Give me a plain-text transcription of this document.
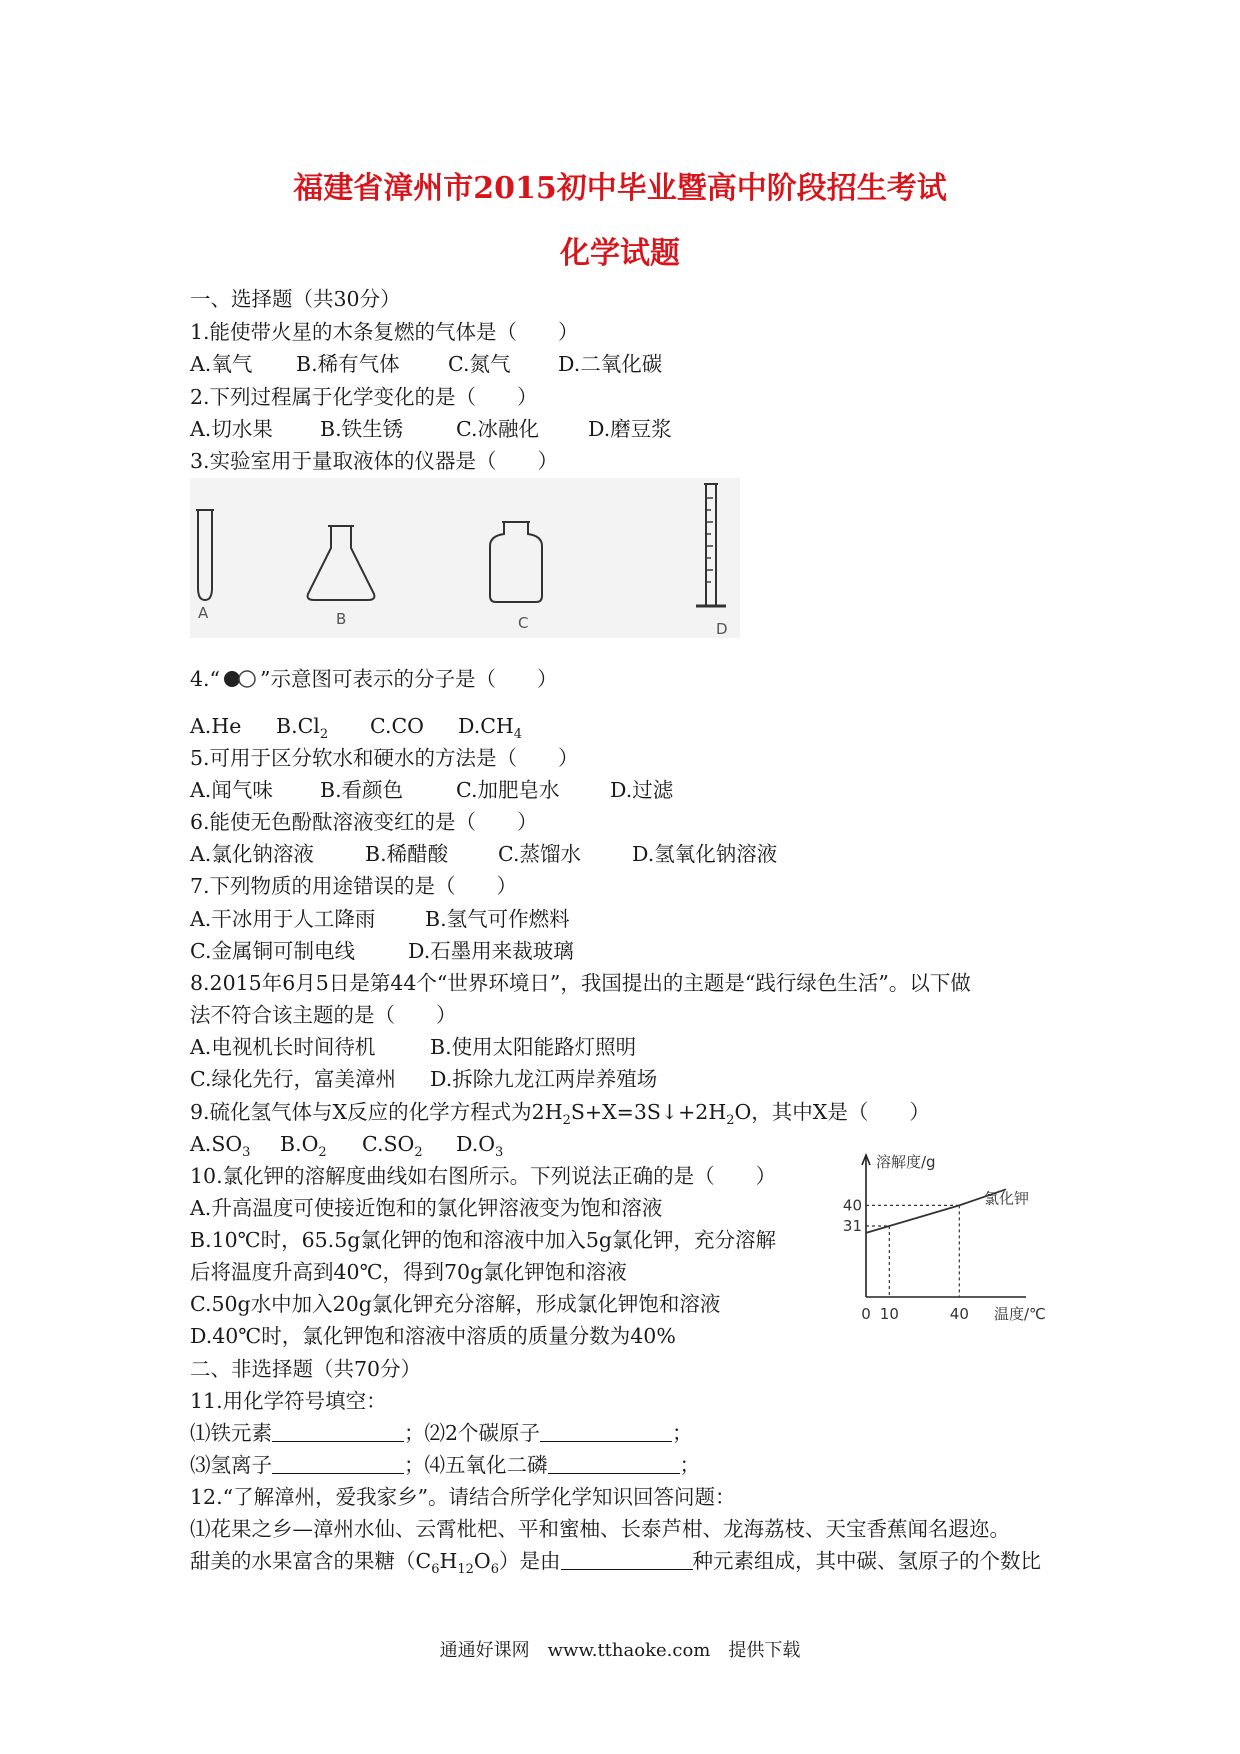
福建省漳州市2015初中毕业暨高中阶段招生考试
化学试题
一、选择题（共30分）
1.能使带火星的木条复燃的气体是（　　）
A.氧气 B.稀有气体 C.氮气 D.二氧化碳
2.下列过程属于化学变化的是（　　）
A.切水果 B.铁生锈	C.冰融化 D.磨豆浆
3.实验室用于量取液体的仪器是（　　）
A	B	C	D
4.“ ”示意图可表示的分子是（　　）
A.He $B.Cl_2$ C.CO $D.CH_4$
5.可用于区分软水和硬水的方法是（　　）
A.闻气味 B.看颜色	C.加肥皂水 D.过滤
6.能使无色酚酞溶液变红的是（　　）
A.氯化钠溶液 B.稀醋酸 C.蒸馏水 D.氢氧化钠溶液
7.下列物质的用途错误的是（　　）
A.干冰用于人工降雨 B.氢气可作燃料
C.金属铜可制电线	D.石墨用来裁玻璃
8.2015年6月5日是第44个“世界环境日”，我国提出的主题是“践行绿色生活”。以下做
法不符合该主题的是（　　）
A.电视机长时间待机	B.使用太阳能路灯照明
C.绿化先行，富美漳州 D.拆除九龙江两岸养殖场
9.硫化氢气体与X反应的化学方程式为$2H_2S+X=3S↓+2H_2O$，其中X是（　　）
$A.SO_3$ $B.O_2$ $C.SO_2$ $D.O_3$
10.氯化钾的溶解度曲线如右图所示。下列说法正确的是（　　）
A.升高温度可使接近饱和的氯化钾溶液变为饱和溶液
B.10℃时，65.5g氯化钾的饱和溶液中加入5g氯化钾，充分溶解
后将温度升高到40℃，得到70g氯化钾饱和溶液
C.50g水中加入20g氯化钾充分溶解，形成氯化钾饱和溶液
D.40℃时，氯化钾饱和溶液中溶质的质量分数为40%
溶解度/g
温度/℃
氯化钾
0 10	40
31
40
二、非选择题（共70分）
11.用化学符号填空：
⑴铁元素	；⑵2个碳原子	；
⑶氢离子	；⑷五氧化二磷	；
12.“了解漳州，爱我家乡”。请结合所学化学知识回答问题：
⑴花果之乡—漳州水仙、云霄枇杷、平和蜜柚、长泰芦柑、龙海荔枝、天宝香蕉闻名遐迩。
甜美的水果富含的果糖$(C_6H_{12}O_6)$是由	种元素组成，其中碳、氢原子的个数比
通通好课网　www.tthaoke.com　提供下载
